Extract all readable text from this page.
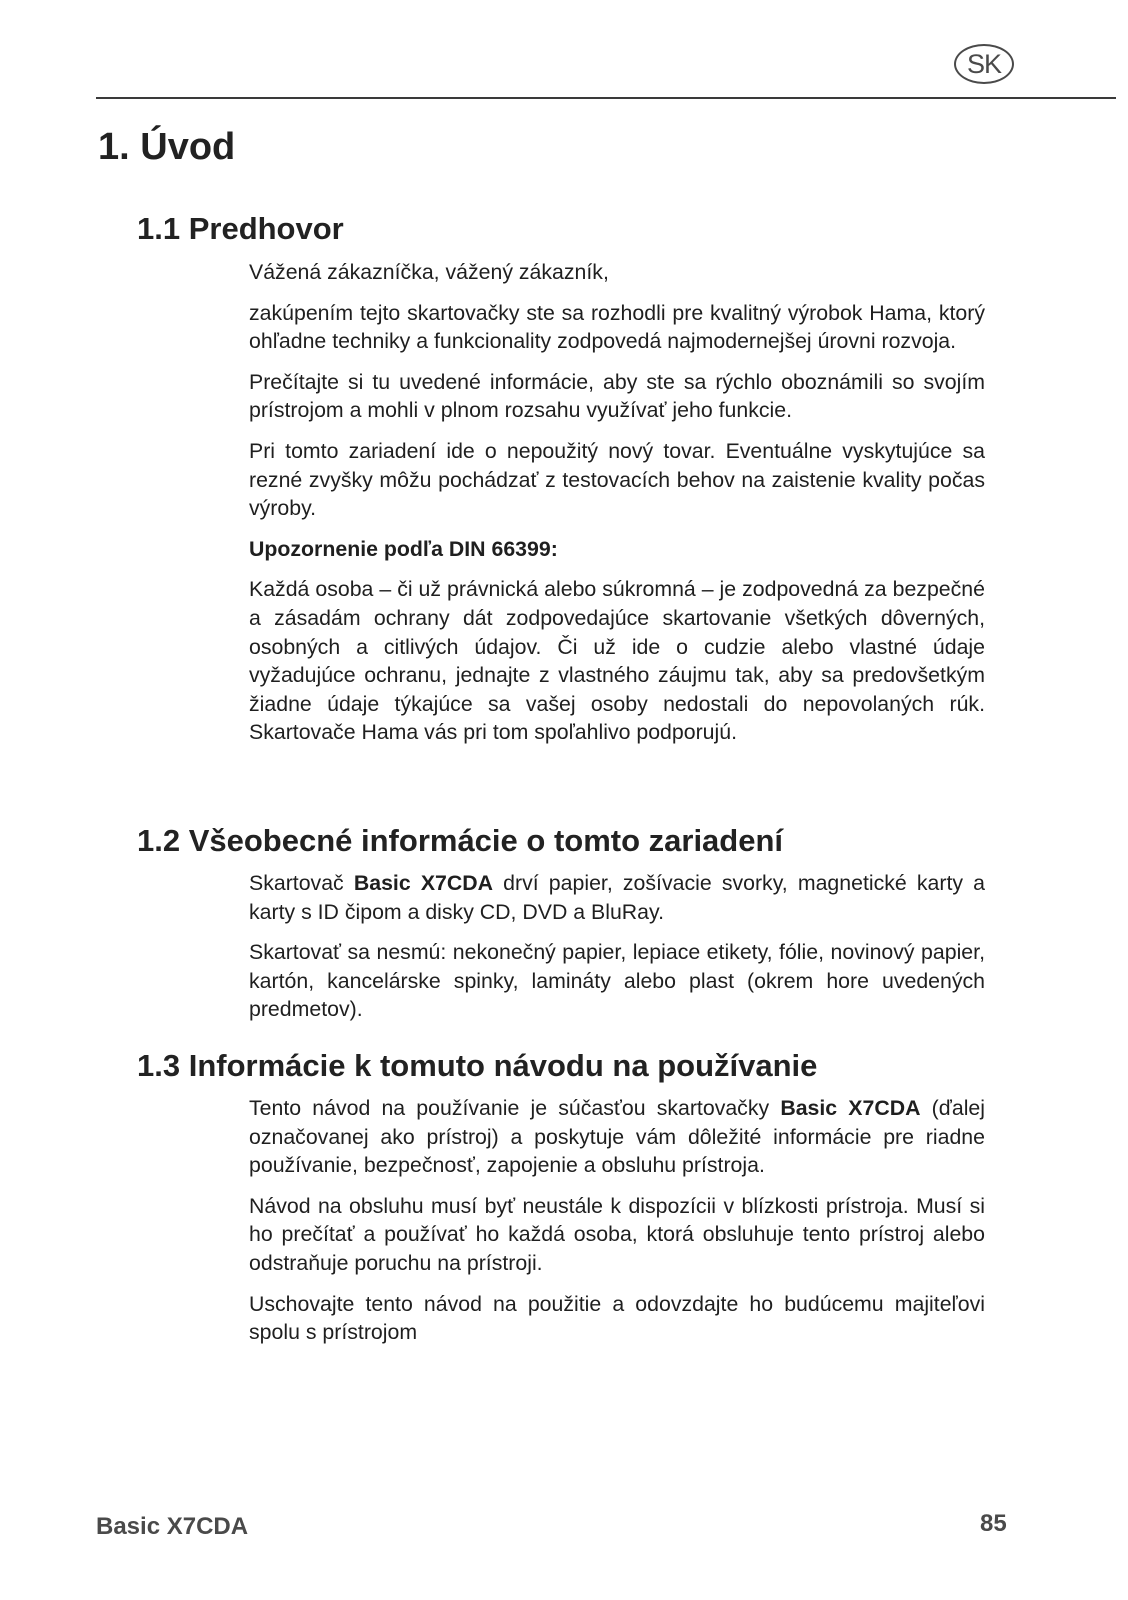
SK
1. Úvod
1.1 Predhovor

Vážená zákazníčka, vážený zákazník,

zakúpením tejto skartovačky ste sa rozhodli pre kvalitný výrobok Hama, ktorý ohľadne techniky a funkcionality zodpovedá najmodernejšej úrovni rozvoja.

Prečítajte si tu uvedené informácie, aby ste sa rýchlo oboznámili so svojím prístrojom a mohli v plnom rozsahu využívať jeho funkcie.

Pri tomto zariadení ide o nepoužitý nový tovar. Eventuálne vyskytujúce sa rezné zvyšky môžu pochádzať z testovacích behov na zaistenie kvality počas výroby.

Upozornenie podľa DIN 66399:

Každá osoba – či už právnická alebo súkromná – je zodpovedná za bezpečné a zásadám ochrany dát zodpovedajúce skartovanie všetkých dôverných, osobných a citlivých údajov. Či už ide o cudzie alebo vlastné údaje vyžadujúce ochranu, jednajte z vlastného záujmu tak, aby sa predovšetkým žiadne údaje týkajúce sa vašej osoby nedostali do nepovolaných rúk. Skartovače Hama vás pri tom spoľahlivo podporujú.

1.2 Všeobecné informácie o tomto zariadení

Skartovač Basic X7CDA drví papier, zošívacie svorky, magnetické karty a karty s ID čipom a disky CD, DVD a BluRay.

Skartovať sa nesmú: nekonečný papier, lepiace etikety, fólie, novinový papier, kartón, kancelárske spinky, lamináty alebo plast (okrem hore uvedených predmetov).

1.3 Informácie k tomuto návodu na používanie

Tento návod na používanie je súčasťou skartovačky Basic X7CDA (ďalej označovanej ako prístroj) a poskytuje vám dôležité informácie pre riadne používanie, bezpečnosť, zapojenie a obsluhu prístroja.

Návod na obsluhu musí byť neustále k dispozícii v blízkosti prístroja. Musí si ho prečítať a používať ho každá osoba, ktorá obsluhuje tento prístroj alebo odstraňuje poruchu na prístroji.

Uschovajte tento návod na použitie a odovzdajte ho budúcemu majiteľovi spolu s prístrojom

Basic X7CDA	85
